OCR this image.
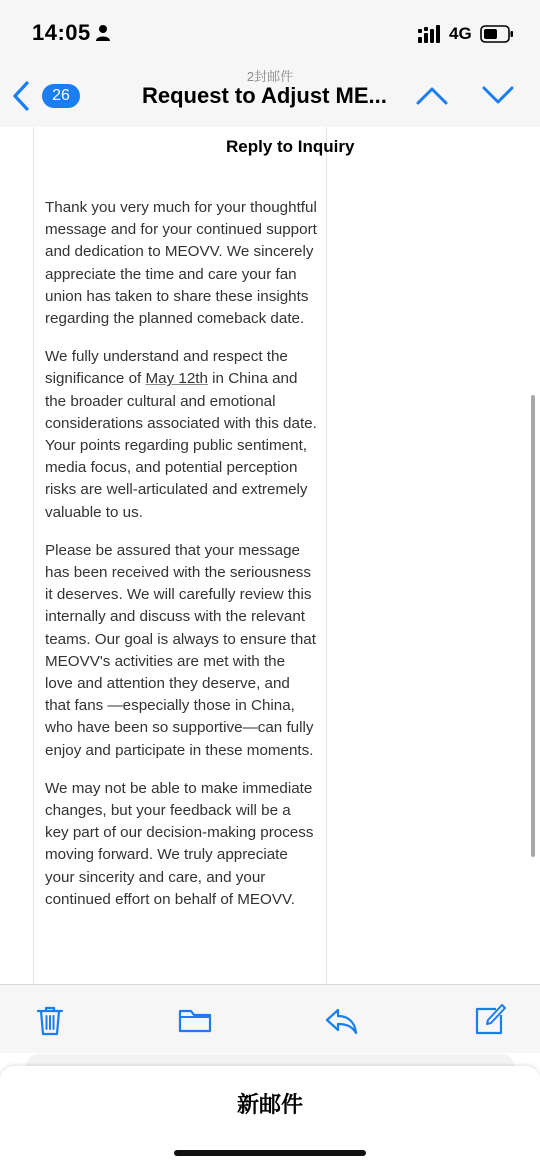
14:05	4G
26
2封邮件
Request to Adjust ME...
Reply to Inquiry

Thank you very much for your thoughtful message and for your continued support and dedication to MEOVV. We sincerely appreciate the time and care your fan union has taken to share these insights regarding the planned comeback date.

We fully understand and respect the significance of May 12th in China and the broader cultural and emotional considerations associated with this date. Your points regarding public sentiment, media focus, and potential perception risks are well-articulated and extremely valuable to us.

Please be assured that your message has been received with the seriousness it deserves. We will carefully review this internally and discuss with the relevant teams. Our goal is always to ensure that MEOVV's activities are met with the love and attention they deserve, and that fans —especially those in China, who have been so supportive—can fully enjoy and participate in these moments.

We may not be able to make immediate changes, but your feedback will be a key part of our decision-making process moving forward. We truly appreciate your sincerity and care, and your continued effort on behalf of MEOVV.

新邮件
